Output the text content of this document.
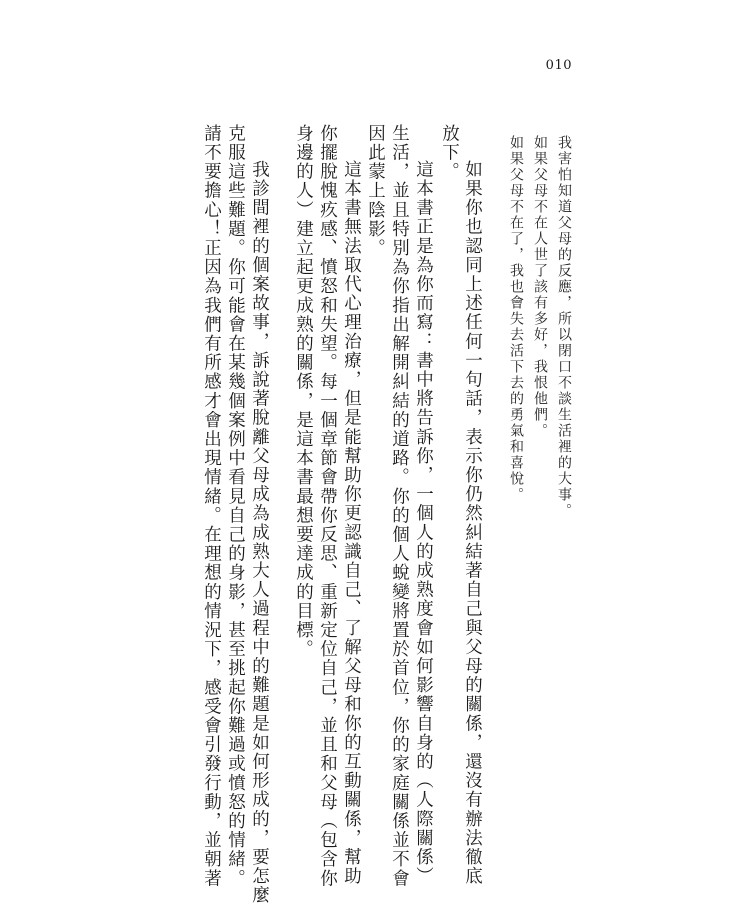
010
我害怕知道父母的反應，所以閉口不談生活裡的大事。
如果父母不在人世了該有多好，我恨他們。
如果父母不在了，我也會失去活下去的勇氣和喜悅。
如果你也認同上述任何一句話，表示你仍然糾結著自己與父母的關係，還沒有辦法徹底
放下。
這本書正是為你而寫：書中將告訴你，一個人的成熟度會如何影響自身的（人際關係）
生活，並且特別為你指出解開糾結的道路。你的個人蛻變將置於首位，你的家庭關係並不會
因此蒙上陰影。
這本書無法取代心理治療，但是能幫助你更認識自己、了解父母和你的互動關係，幫助
你擺脫愧疚感、憤怒和失望。每一個章節會帶你反思、重新定位自己，並且和父母（包含你
身邊的人）建立起更成熟的關係，是這本書最想要達成的目標。
我診間裡的個案故事，訴說著脫離父母成為成熟大人過程中的難題是如何形成的，要怎麼
克服這些難題。你可能會在某幾個案例中看見自己的身影，甚至挑起你難過或憤怒的情緒。
請不要擔心！正因為我們有所感才會出現情緒。在理想的情況下，感受會引發行動，並朝著
